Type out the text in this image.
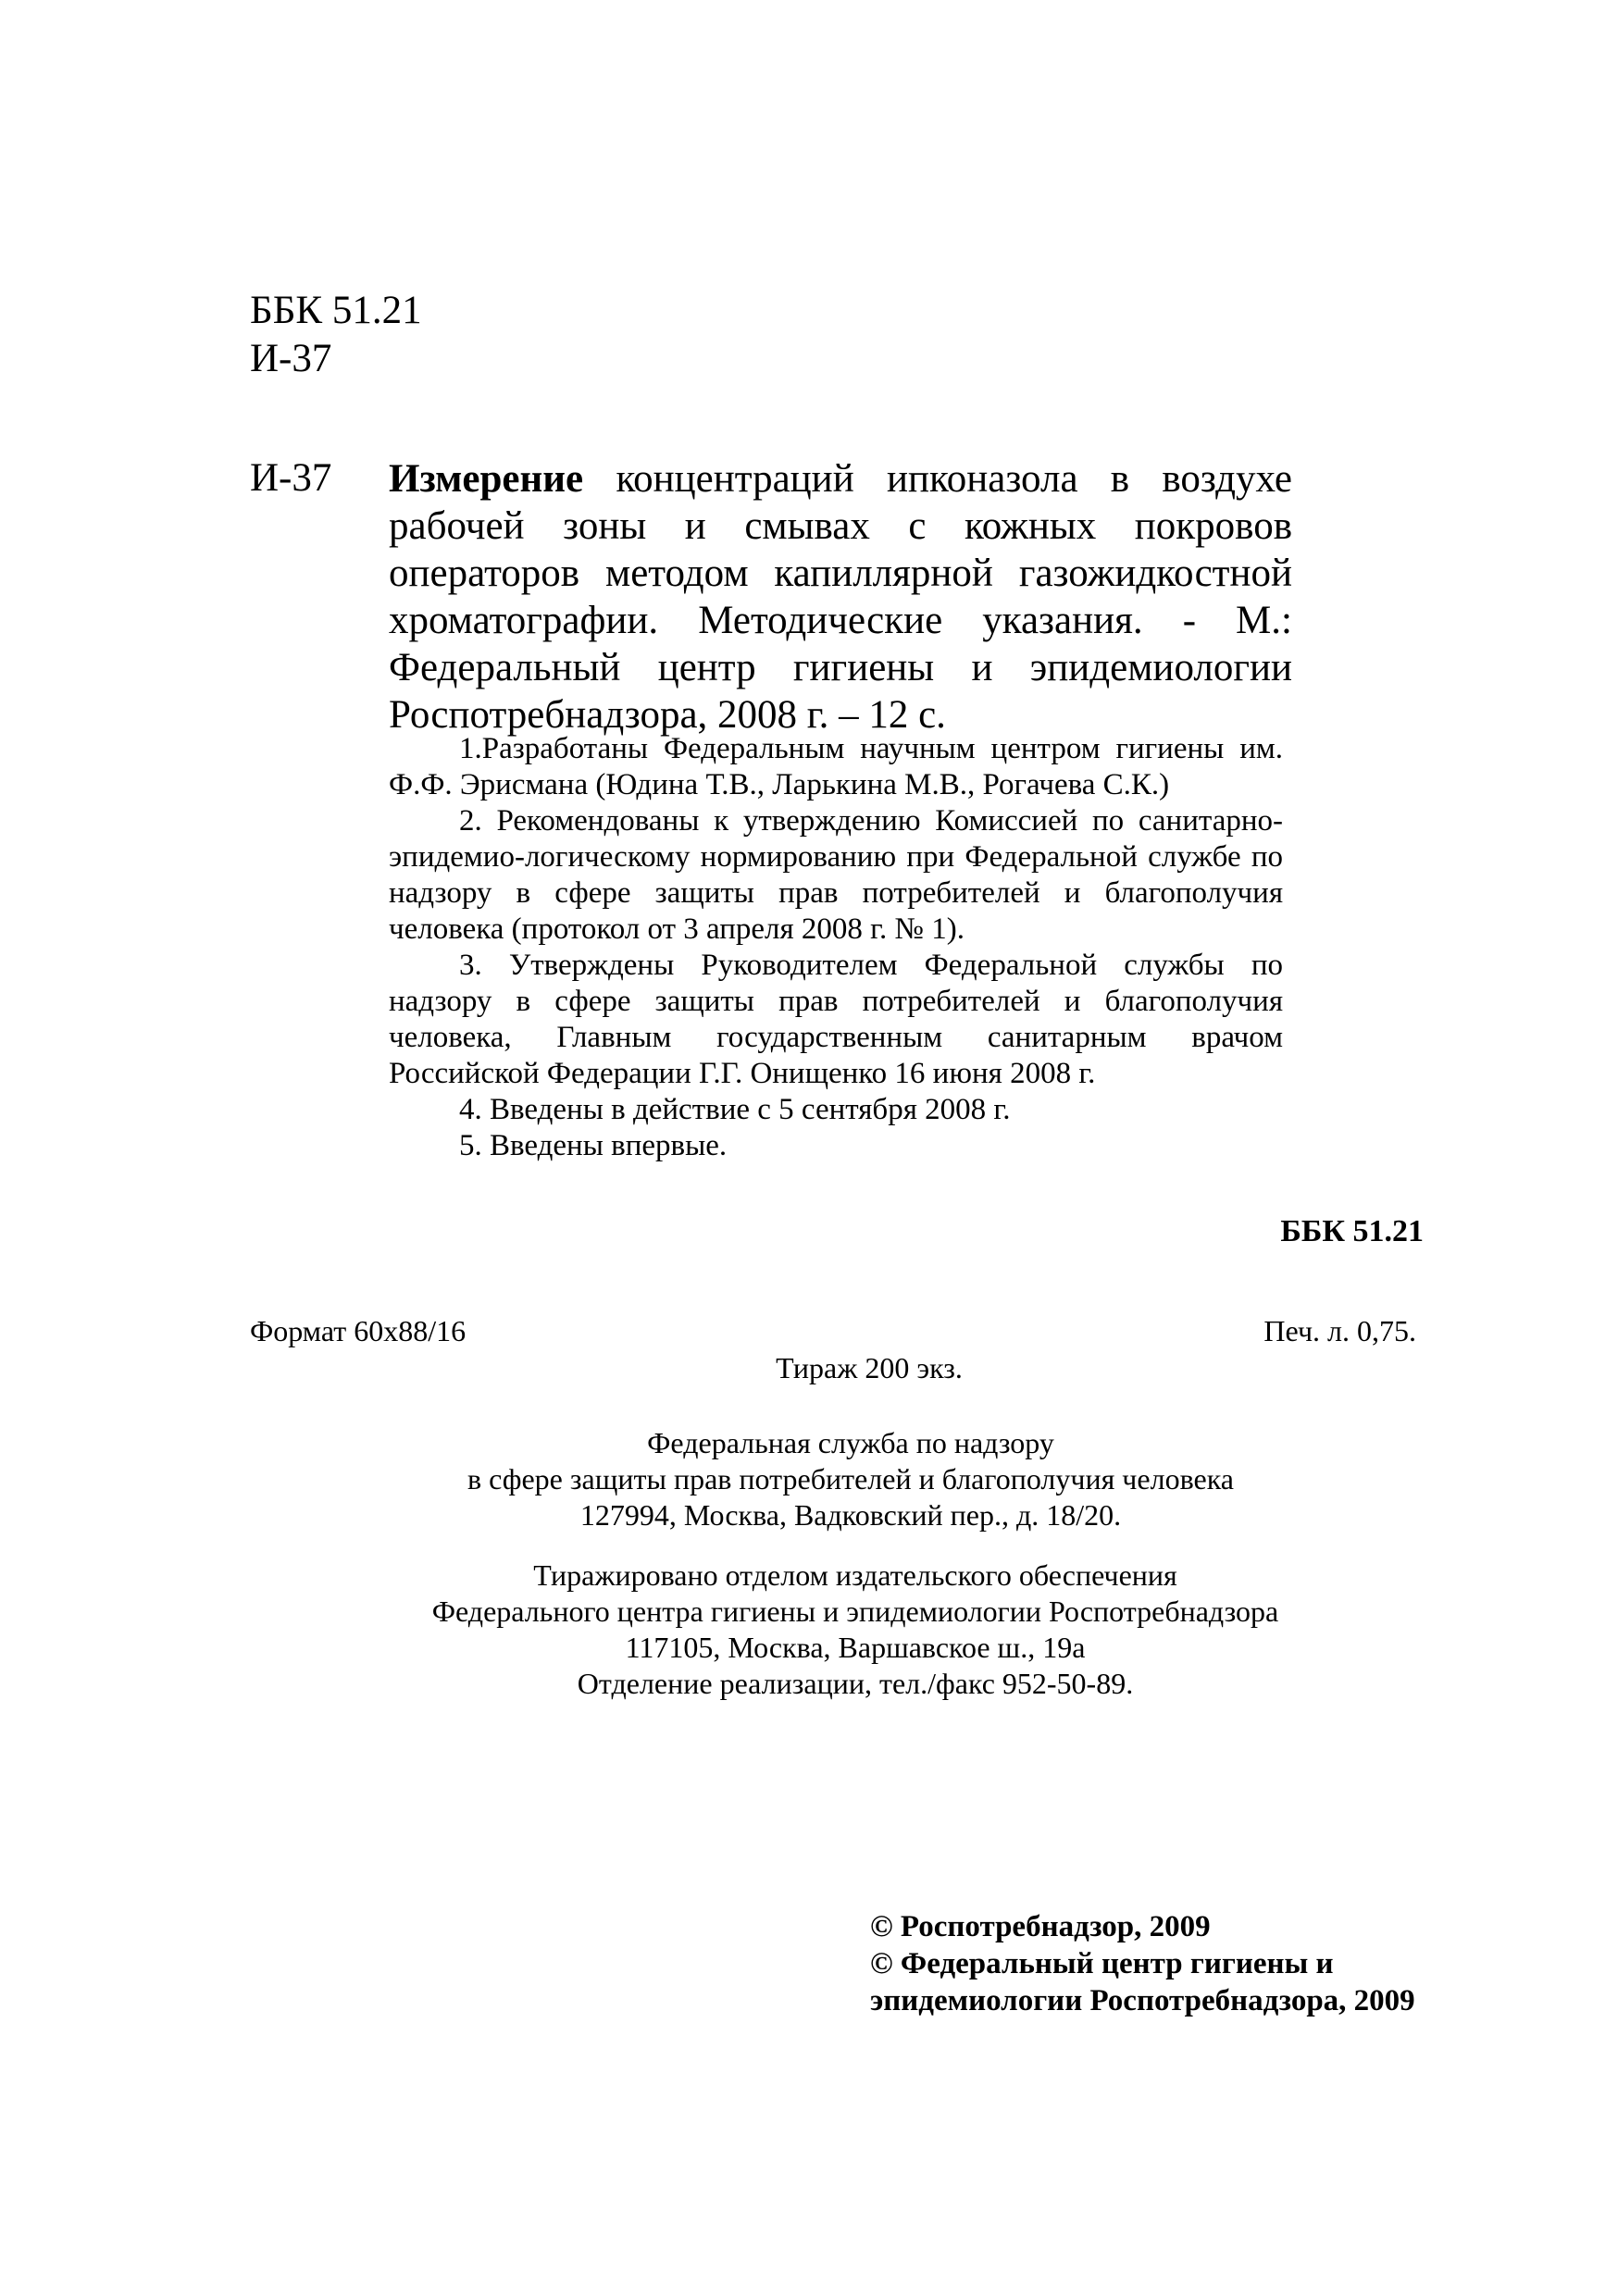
ББК 51.21
И-37
И-37 Измерение концентраций ипконазола в воздухе рабочей зоны и смывах с кожных покровов операторов методом капиллярной газожидкостной хроматографии. Методические указания. - М.: Федеральный центр гигиены и эпидемиологии Роспотребнадзора, 2008 г. – 12 с.

1.Разработаны Федеральным научным центром гигиены им. Ф.Ф. Эрисмана (Юдина Т.В., Ларькина М.В., Рогачева С.К.)

2. Рекомендованы к утверждению Комиссией по санитарно-эпидемио-логическому нормированию при Федеральной службе по надзору в сфере защиты прав потребителей и благополучия человека (протокол от 3 апреля 2008 г. № 1).

3. Утверждены Руководителем Федеральной службы по надзору в сфере защиты прав потребителей и благополучия человека, Главным государственным санитарным врачом Российской Федерации Г.Г. Онищенко 16 июня 2008 г.

4. Введены в действие с 5 сентября 2008 г.

5. Введены впервые.

ББК 51.21
Формат 60x88/16	Печ. л. 0,75.
Тираж 200 экз.
Федеральная служба по надзору
в сфере защиты прав потребителей и благополучия человека
127994, Москва, Вадковский пер., д. 18/20.
Тиражировано отделом издательского обеспечения
Федерального центра гигиены и эпидемиологии Роспотребнадзора
117105, Москва, Варшавское ш., 19а
Отделение реализации, тел./факс 952-50-89.
© Роспотребнадзор, 2009
© Федеральный центр гигиены и
эпидемиологии Роспотребнадзора, 2009
